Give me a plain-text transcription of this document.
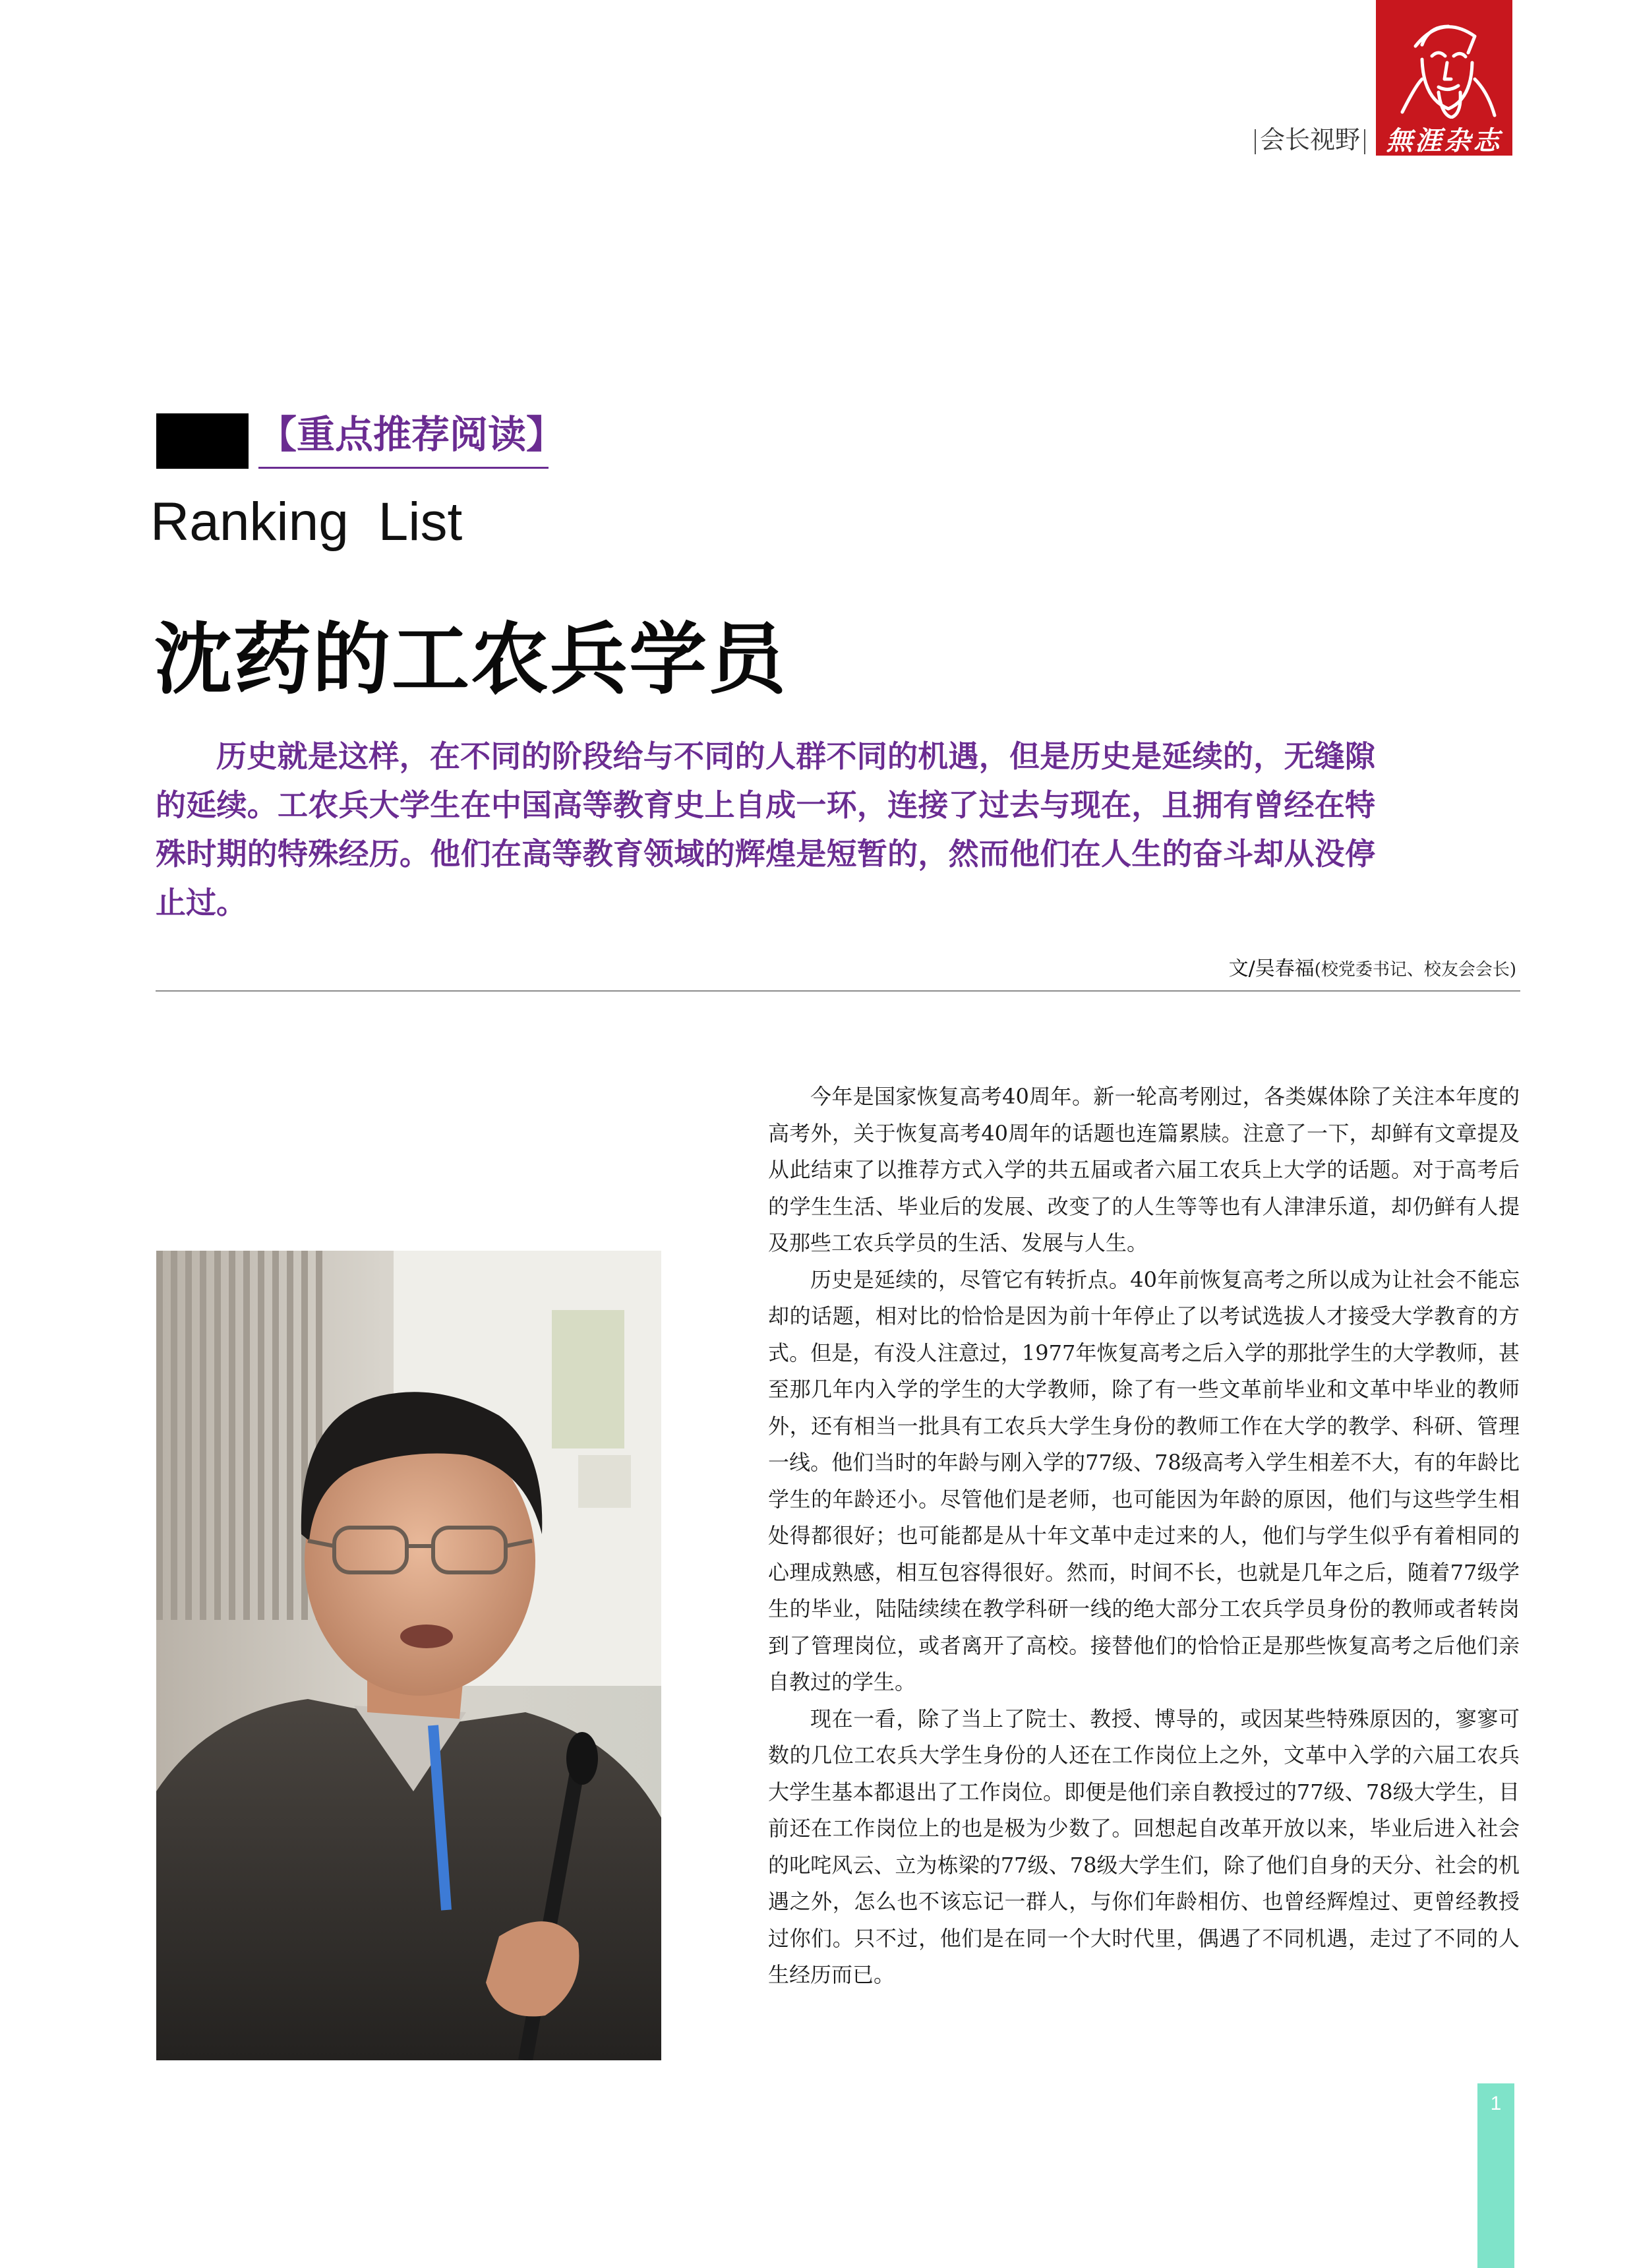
無涯杂志
会长视野
【重点推荐阅读】
Ranking List
沈药的工农兵学员

历史就是这样，在不同的阶段给与不同的人群不同的机遇，但是历史是延续的，无缝隙的延续。工农兵大学生在中国高等教育史上自成一环，连接了过去与现在，且拥有曾经在特殊时期的特殊经历。他们在高等教育领域的辉煌是短暂的，然而他们在人生的奋斗却从没停止过。

文/吴春福(校党委书记、校友会会长)

今年是国家恢复高考40周年。新一轮高考刚过，各类媒体除了关注本年度的高考外，关于恢复高考40周年的话题也连篇累牍。注意了一下，却鲜有文章提及从此结束了以推荐方式入学的共五届或者六届工农兵上大学的话题。对于高考后的学生生活、毕业后的发展、改变了的人生等等也有人津津乐道，却仍鲜有人提及那些工农兵学员的生活、发展与人生。

历史是延续的，尽管它有转折点。40年前恢复高考之所以成为让社会不能忘却的话题，相对比的恰恰是因为前十年停止了以考试选拔人才接受大学教育的方式。但是，有没人注意过，1977年恢复高考之后入学的那批学生的大学教师，甚至那几年内入学的学生的大学教师，除了有一些文革前毕业和文革中毕业的教师外，还有相当一批具有工农兵大学生身份的教师工作在大学的教学、科研、管理一线。他们当时的年龄与刚入学的77级、78级高考入学生相差不大，有的年龄比学生的年龄还小。尽管他们是老师，也可能因为年龄的原因，他们与这些学生相处得都很好；也可能都是从十年文革中走过来的人，他们与学生似乎有着相同的心理成熟感，相互包容得很好。然而，时间不长，也就是几年之后，随着77级学生的毕业，陆陆续续在教学科研一线的绝大部分工农兵学员身份的教师或者转岗到了管理岗位，或者离开了高校。接替他们的恰恰正是那些恢复高考之后他们亲自教过的学生。

现在一看，除了当上了院士、教授、博导的，或因某些特殊原因的，寥寥可数的几位工农兵大学生身份的人还在工作岗位上之外，文革中入学的六届工农兵大学生基本都退出了工作岗位。即便是他们亲自教授过的77级、78级大学生，目前还在工作岗位上的也是极为少数了。回想起自改革开放以来，毕业后进入社会的叱咤风云、立为栋梁的77级、78级大学生们，除了他们自身的天分、社会的机遇之外，怎么也不该忘记一群人，与你们年龄相仿、也曾经辉煌过、更曾经教授过你们。只不过，他们是在同一个大时代里，偶遇了不同机遇，走过了不同的人生经历而已。

1
